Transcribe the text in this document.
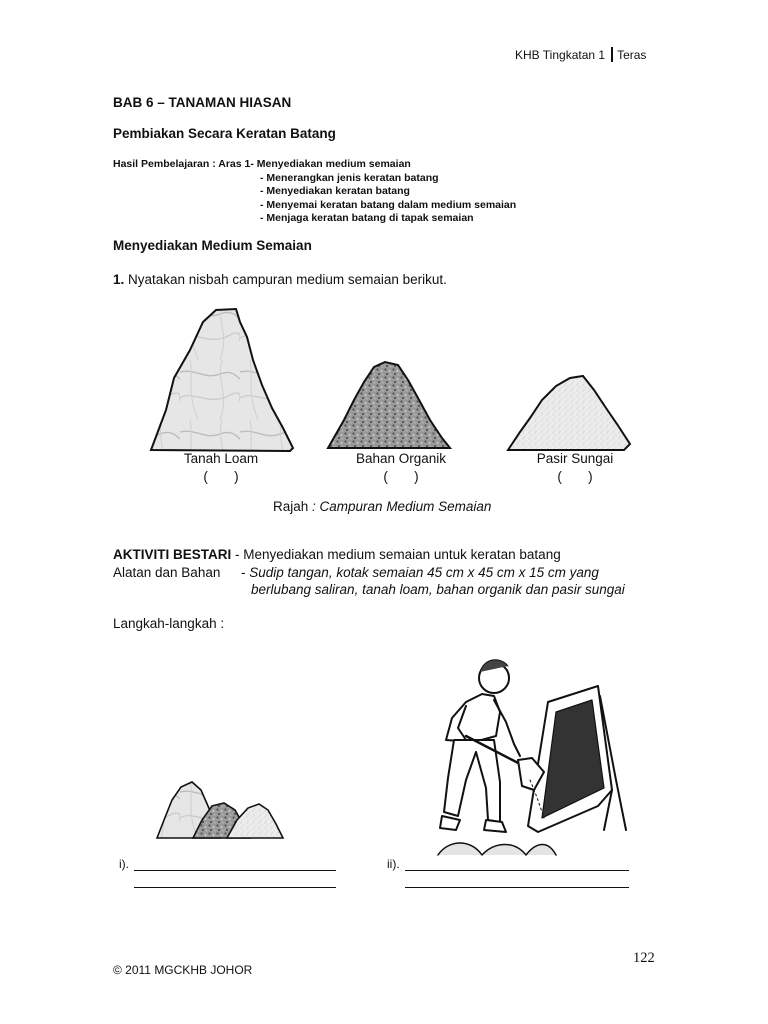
KHB Tingkatan 1 Teras
BAB 6 – TANAMAN HIASAN
Pembiakan Secara Keratan Batang
Hasil Pembelajaran : Aras 1- Menyediakan medium semaian
- Menerangkan jenis keratan batang
- Menyediakan keratan batang
- Menyemai keratan batang dalam medium semaian
- Menjaga keratan batang di tapak semaian
Menyediakan Medium Semaian
1. Nyatakan nisbah campuran medium semaian berikut.
Tanah Loam
(       )
Bahan Organik
(       )
Pasir Sungai
(       )
Rajah : Campuran Medium Semaian
AKTIVITI BESTARI - Menyediakan medium semaian untuk keratan batang
Alatan dan Bahan - Sudip tangan, kotak semaian 45 cm x 45 cm x 15 cm yang
berlubang saliran, tanah loam, bahan organik dan pasir sungai
Langkah-langkah :
i).	ii).
122
© 2011 MGCKHB JOHOR
